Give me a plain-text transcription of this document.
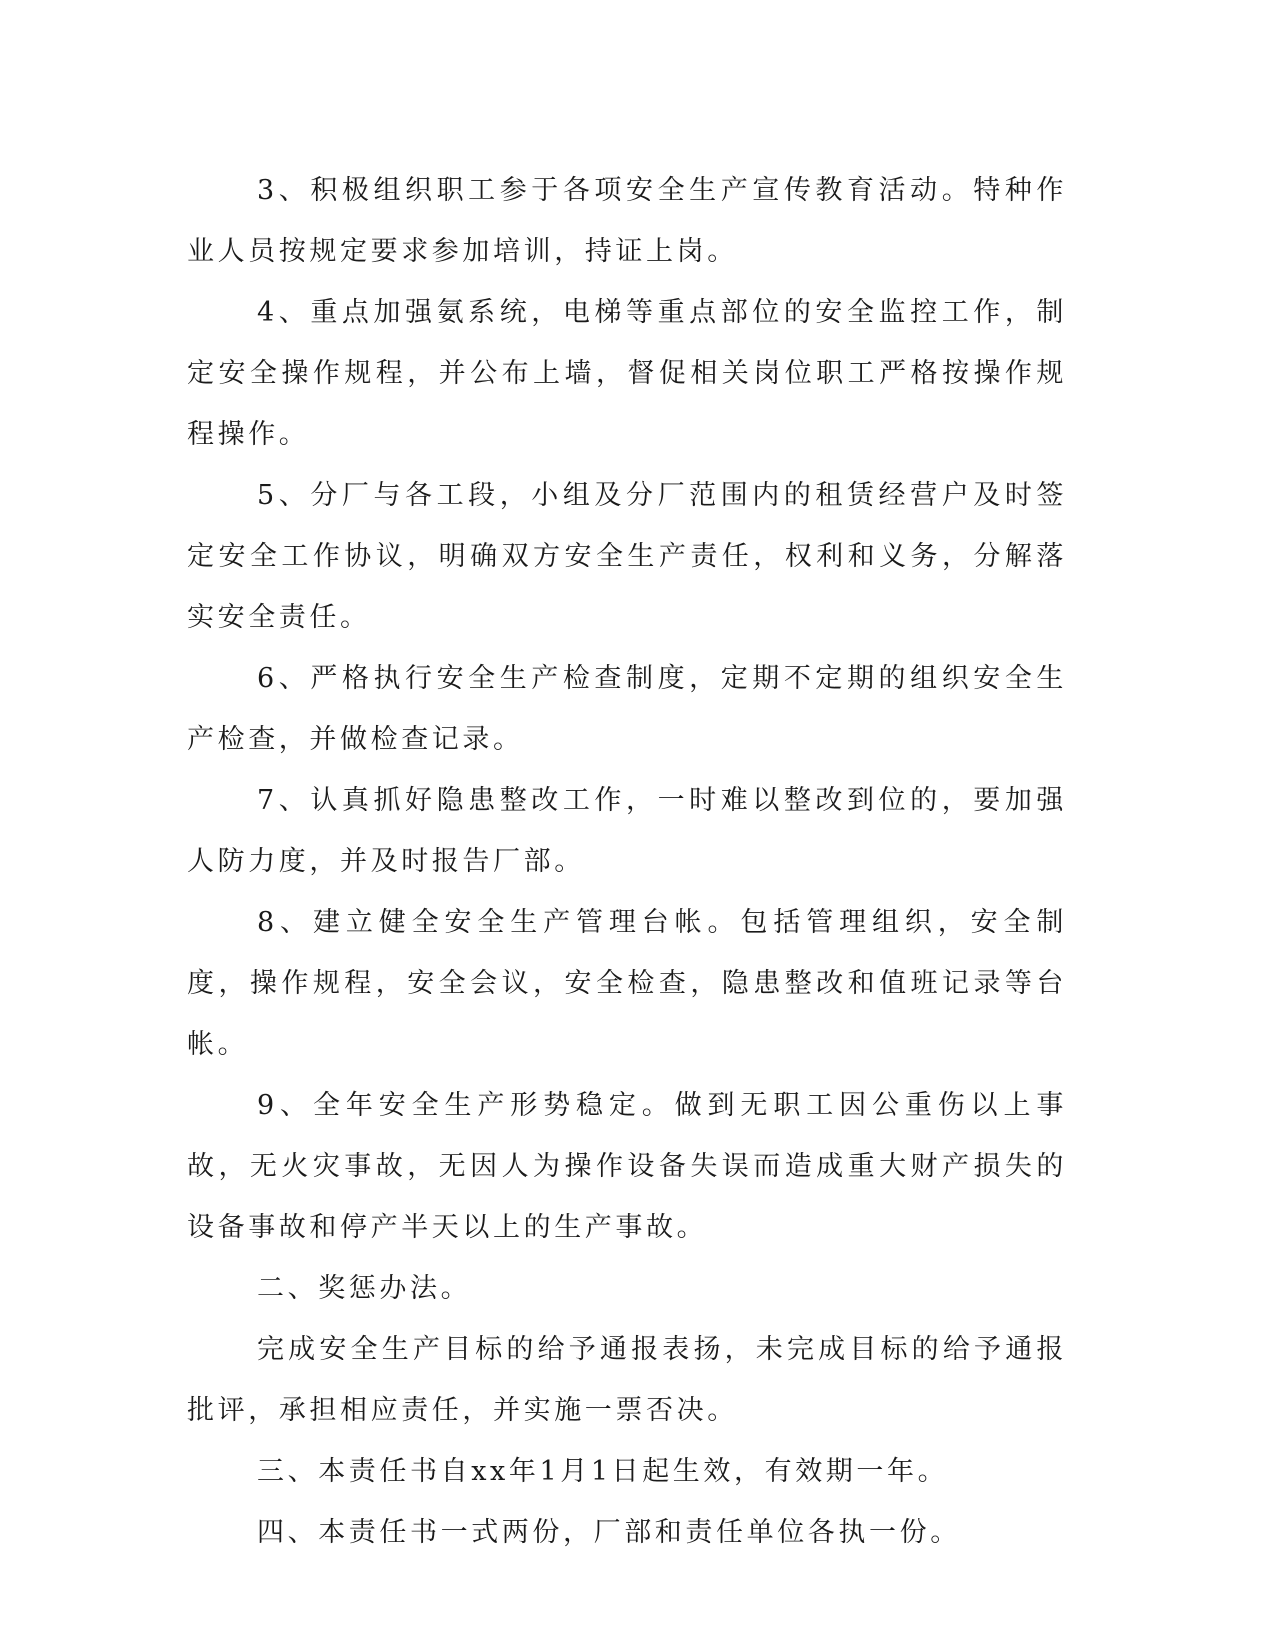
3、积极组织职工参于各项安全生产宣传教育活动。特种作业人员按规定要求参加培训，持证上岗。

4、重点加强氨系统，电梯等重点部位的安全监控工作，制定安全操作规程，并公布上墙，督促相关岗位职工严格按操作规程操作。

5、分厂与各工段，小组及分厂范围内的租赁经营户及时签定安全工作协议，明确双方安全生产责任，权利和义务，分解落实安全责任。

6、严格执行安全生产检查制度，定期不定期的组织安全生产检查，并做检查记录。

7、认真抓好隐患整改工作，一时难以整改到位的，要加强人防力度，并及时报告厂部。

8、建立健全安全生产管理台帐。包括管理组织，安全制度，操作规程，安全会议，安全检查，隐患整改和值班记录等台帐。

9、全年安全生产形势稳定。做到无职工因公重伤以上事故，无火灾事故，无因人为操作设备失误而造成重大财产损失的设备事故和停产半天以上的生产事故。

二、奖惩办法。

完成安全生产目标的给予通报表扬，未完成目标的给予通报批评，承担相应责任，并实施一票否决。

三、本责任书自xx年1月1日起生效，有效期一年。

四、本责任书一式两份，厂部和责任单位各执一份。
